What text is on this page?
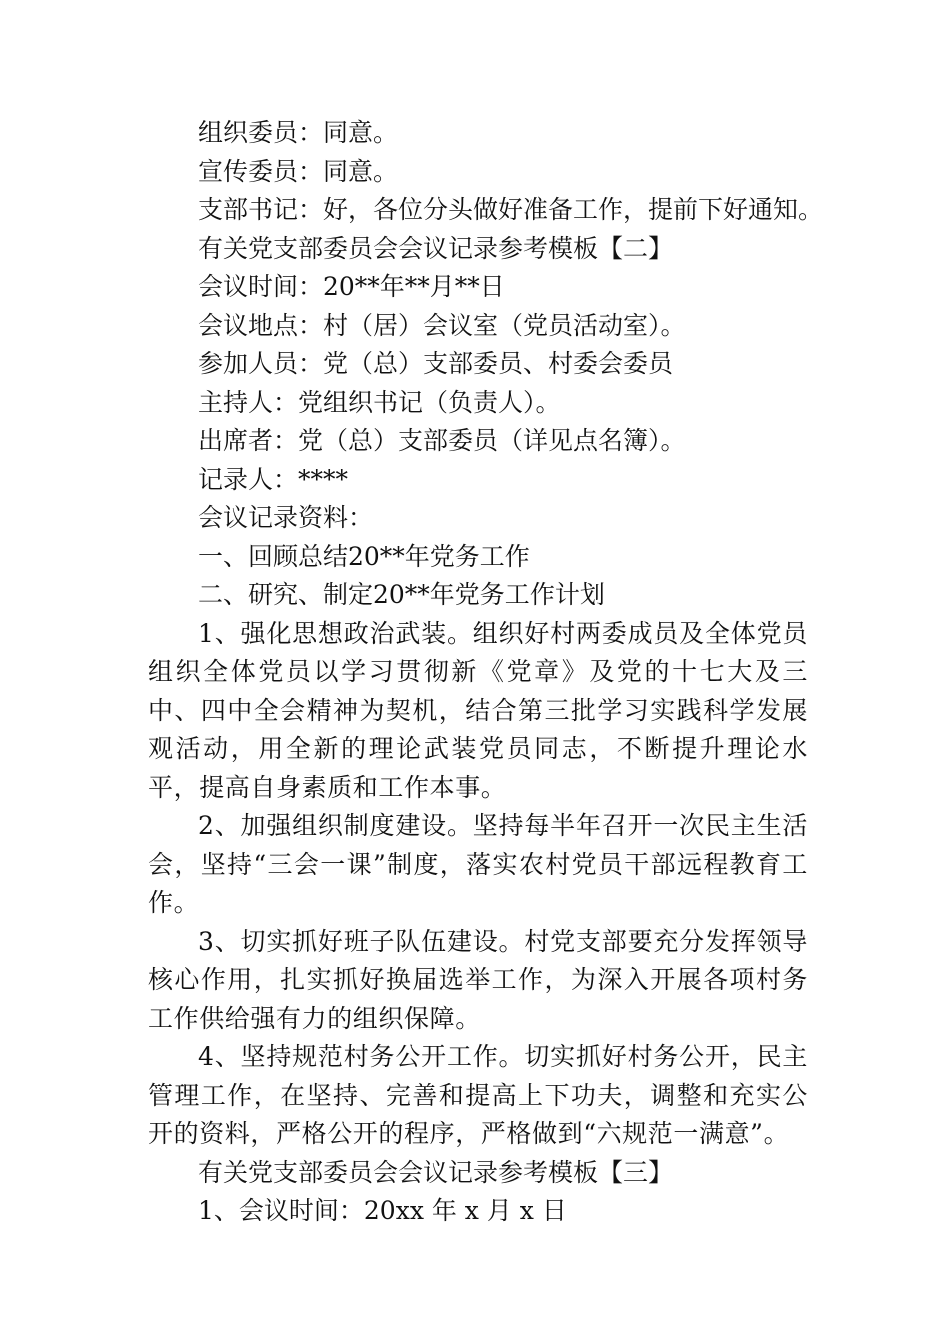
组织委员：同意。

宣传委员：同意。

支部书记：好，各位分头做好准备工作，提前下好通知。

有关党支部委员会会议记录参考模板【二】

会议时间：20**年**月**日

会议地点：村（居）会议室（党员活动室）。

参加人员：党（总）支部委员、村委会委员

主持人：党组织书记（负责人）。

出席者：党（总）支部委员（详见点名簿）。

记录人：****

会议记录资料：

一、回顾总结20**年党务工作

二、研究、制定20**年党务工作计划

1、强化思想政治武装。组织好村两委成员及全体党员组织全体党员以学习贯彻新《党章》及党的十七大及三中、四中全会精神为契机，结合第三批学习实践科学发展观活动，用全新的理论武装党员同志，不断提升理论水平，提高自身素质和工作本事。

2、加强组织制度建设。坚持每半年召开一次民主生活会，坚持“三会一课”制度，落实农村党员干部远程教育工作。

3、切实抓好班子队伍建设。村党支部要充分发挥领导核心作用，扎实抓好换届选举工作，为深入开展各项村务工作供给强有力的组织保障。

4、坚持规范村务公开工作。切实抓好村务公开，民主管理工作，在坚持、完善和提高上下功夫，调整和充实公开的资料，严格公开的程序，严格做到“六规范一满意”。

有关党支部委员会会议记录参考模板【三】

1、会议时间：20xx 年 x 月 x 日
